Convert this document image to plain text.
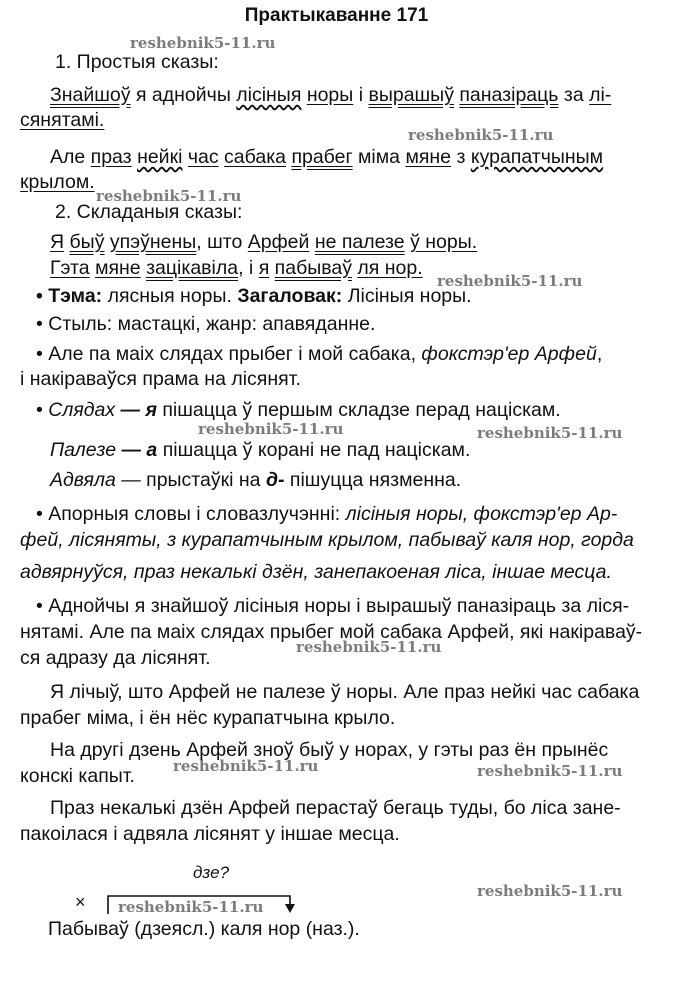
Практыкаванне 171
reshebnik5-11.ru
reshebnik5-11.ru
reshebnik5-11.ru
reshebnik5-11.ru
reshebnik5-11.ru	reshebnik5-11.ru
reshebnik5-11.ru
reshebnik5-11.ru	reshebnik5-11.ru
reshebnik5-11.ru
reshebnik5-11.ru
1. Простыя сказы:
Знайшоў я аднойчы лісіныя норы і вырашыў паназіраць за лі-
сянятамі.
Але праз нейкі час сабака прабег міма мяне з курапатчыным
крылом.
2. Складаныя сказы:
Я быў упэўнены, што Арфей не палезе ў норы.
Гэта мяне зацікавіла, і я пабываў ля нор.
• Тэма: лясныя норы. Загаловак: Лісіныя норы.
• Стыль: мастацкі, жанр: апавяданне.
• Але па маіх слядах прыбег і мой сабака, фокстэр'ер Арфей,
і накіраваўся прама на лісянят.
• Слядах — я пішацца ў першым складзе перад націскам.
Палезе — а пішацца ў корані не пад націскам.
Адвяла — прыстаўкі на д- пішуцца нязменна.
• Апорныя словы і словазлучэнні: лісіныя норы, фокстэр'ер Ар-
фей, лісяняты, з курапатчыным крылом, пабываў каля нор, горда
адвярнуўся, праз некалькі дзён, занепакоеная ліса, іншае месца.
• Аднойчы я знайшоў лісіныя норы і вырашыў паназіраць за ліся-
нятамі. Але па маіх слядах прыбег мой сабака Арфей, які накіраваў-
ся адразу да лісянят.
Я лічыў, што Арфей не палезе ў норы. Але праз нейкі час сабака
прабег міма, і ён нёс курапатчына крыло.
На другі дзень Арфей зноў быў у норах, у гэты раз ён прынёс
конскі капыт.
Праз некалькі дзён Арфей перастаў бегаць туды, бо ліса зане-
пакоілася і адвяла лісянят у іншае месца.
дзе?
×
Пабываў (дзеясл.) каля нор (наз.).
